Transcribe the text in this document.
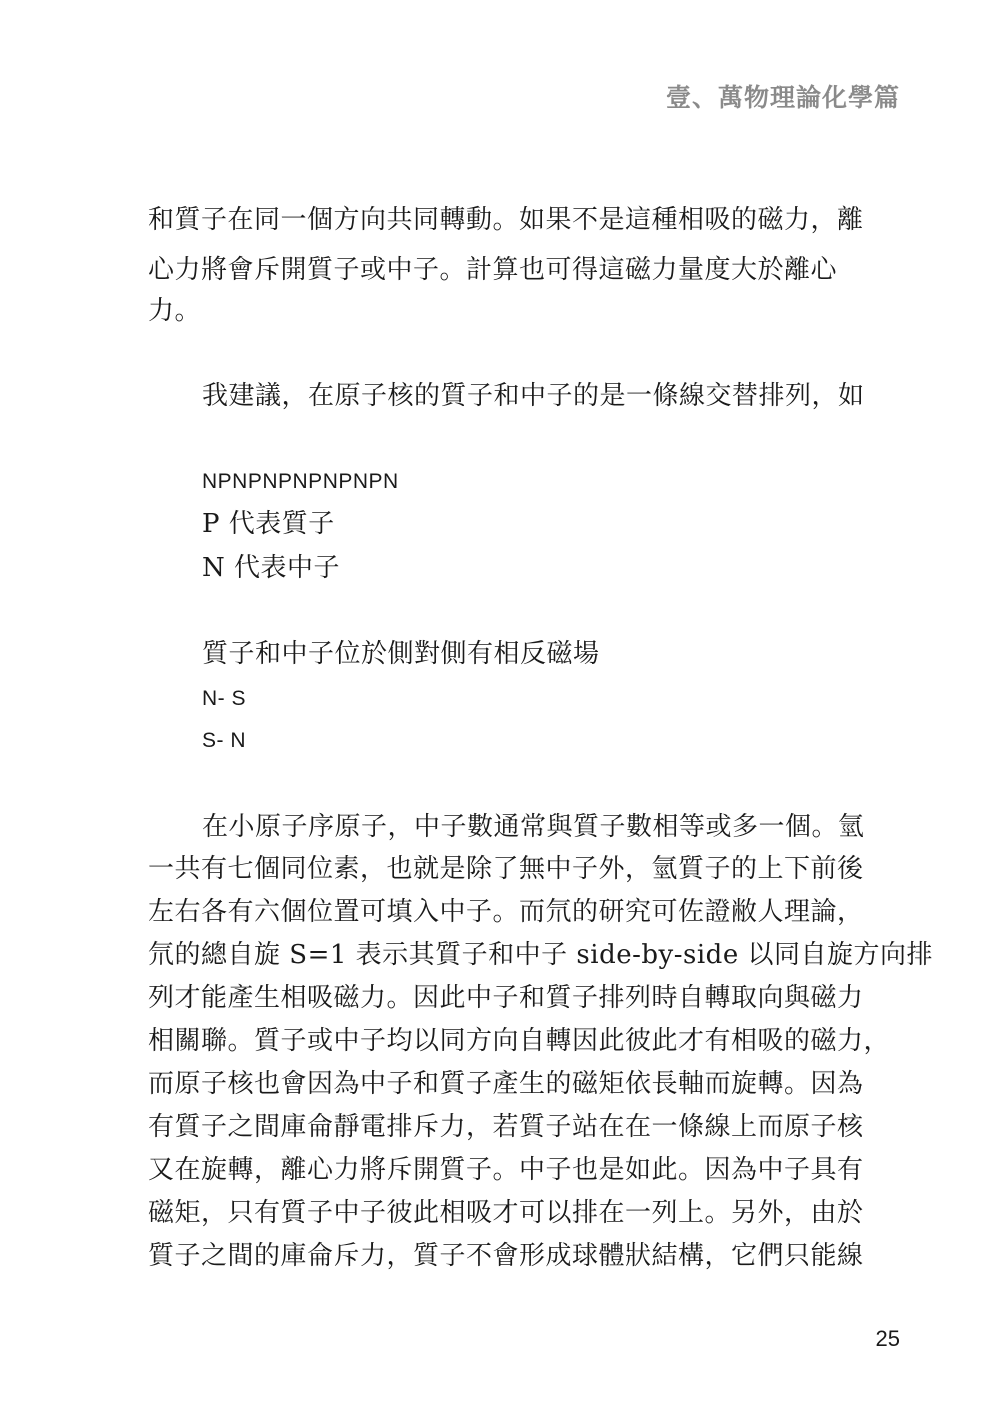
壹、萬物理論化學篇
和質子在同一個方向共同轉動。如果不是這種相吸的磁力，離
心力將會斥開質子或中子。計算也可得這磁力量度大於離心
力。
我建議，在原子核的質子和中子的是一條線交替排列，如
NPNPNPNPNPNPN
P 代表質子
N 代表中子
質子和中子位於側對側有相反磁場
N- S
S- N
在小原子序原子，中子數通常與質子數相等或多一個。氫
一共有七個同位素，也就是除了無中子外，氫質子的上下前後
左右各有六個位置可填入中子。而氘的研究可佐證敝人理論，
氘的總自旋 S=1 表示其質子和中子 side-by-side 以同自旋方向排
列才能產生相吸磁力。因此中子和質子排列時自轉取向與磁力
相關聯。質子或中子均以同方向自轉因此彼此才有相吸的磁力，
而原子核也會因為中子和質子產生的磁矩依長軸而旋轉。因為
有質子之間庫侖靜電排斥力，若質子站在在一條線上而原子核
又在旋轉，離心力將斥開質子。中子也是如此。因為中子具有
磁矩，只有質子中子彼此相吸才可以排在一列上。另外，由於
質子之間的庫侖斥力，質子不會形成球體狀結構，它們只能線
25
